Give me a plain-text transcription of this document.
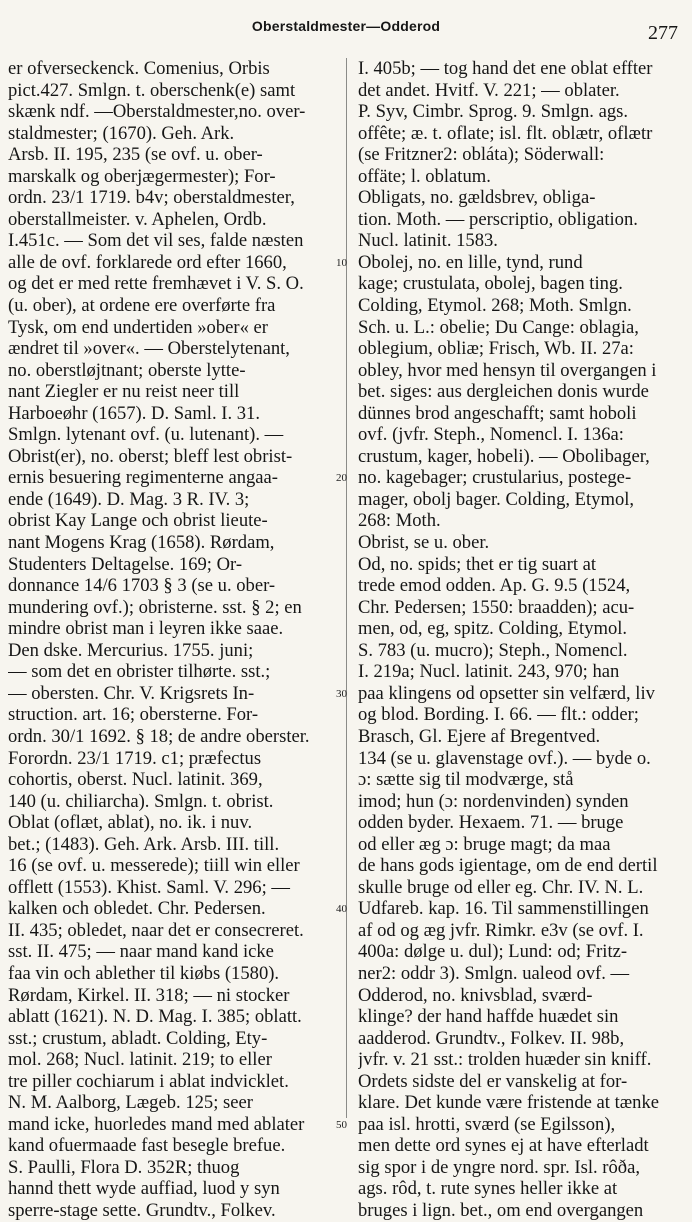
Oberstaldmester—Odderod	277
er ofverseckenck. Comenius, Orbis
pict.427. Smlgn. t. oberschenk(e) samt
skænk ndf. —Oberstaldmester,no. over-
staldmester; (1670). Geh. Ark.
Arsb. II. 195, 235 (se ovf. u. ober-
marskalk og oberjægermester); For-
ordn. 23/1 1719. b4v; oberstaldmester,
oberstallmeister. v. Aphelen, Ordb.
I.451c. — Som det vil ses, falde næsten
alle de ovf. forklarede ord efter 1660,
og det er med rette fremhævet i V. S. O.
(u. ober), at ordene ere overførte fra
Tysk, om end undertiden »ober« er
ændret til »over«. — Oberstelytenant,
no. oberstløjtnant; oberste lytte-
nant Ziegler er nu reist neer till
Harboeøhr (1657). D. Saml. I. 31.
Smlgn. lytenant ovf. (u. lutenant). —
Obrist(er), no. oberst; bleff lest obrist-
ernis besuering regimenterne angaa-
ende (1649). D. Mag. 3 R. IV. 3;
obrist Kay Lange och obrist lieute-
nant Mogens Krag (1658). Rørdam,
Studenters Deltagelse. 169; Or-
donnance 14/6 1703 § 3 (se u. ober-
mundering ovf.); obristerne. sst. § 2; en
mindre obrist man i leyren ikke saae.
Den dske. Mercurius. 1755. juni;
— som det en obrister tilhørte. sst.;
— obersten. Chr. V. Krigsrets In-
struction. art. 16; obersterne. For-
ordn. 30/1 1692. § 18; de andre oberster.
Forordn. 23/1 1719. c1; præfectus
cohortis, oberst. Nucl. latinit. 369,
140 (u. chiliarcha). Smlgn. t. obrist.
Oblat (oflæt, ablat), no. ik. i nuv.
bet.; (1483). Geh. Ark. Arsb. III. till.
16 (se ovf. u. messerede); tiill win eller
offlett (1553). Khist. Saml. V. 296; —
kalken och obledet. Chr. Pedersen.
II. 435; obledet, naar det er consecreret.
sst. II. 475; — naar mand kand icke
faa vin och ablether til kiøbs (1580).
Rørdam, Kirkel. II. 318; — ni stocker
ablatt (1621). N. D. Mag. I. 385; oblatt.
sst.; crustum, abladt. Colding, Ety-
mol. 268; Nucl. latinit. 219; to eller
tre piller cochiarum i ablat indvicklet.
N. M. Aalborg, Lægeb. 125; seer
mand icke, huorledes mand med ablater
kand ofuermaade fast besegle brefue.
S. Paulli, Flora D. 352R; thuog
hannd thett wyde auffiad, luod y syn
sperre-stage sette. Grundtv., Folkev.
I. 405b; — tog hand det ene oblat effter
det andet. Hvitf. V. 221; — oblater.
P. Syv, Cimbr. Sprog. 9. Smlgn. ags.
offête; æ. t. oflate; isl. flt. oblætr, oflætr
(se Fritzner2: obláta); Söderwall:
offäte; l. oblatum.
Obligats, no. gældsbrev, obliga-
tion. Moth. — perscriptio, obligation.
Nucl. latinit. 1583.
Obolej, no. en lille, tynd, rund
kage; crustulata, obolej, bagen ting.
Colding, Etymol. 268; Moth. Smlgn.
Sch. u. L.: obelie; Du Cange: oblagia,
oblegium, obliæ; Frisch, Wb. II. 27a:
obley, hvor med hensyn til overgangen i
bet. siges: aus dergleichen donis wurde
dünnes brod angeschafft; samt hoboli
ovf. (jvfr. Steph., Nomencl. I. 136a:
crustum, kager, hobeli). — Obolibager,
no. kagebager; crustularius, postege-
mager, obolj bager. Colding, Etymol,
268: Moth.
Obrist, se u. ober.
Od, no. spids; thet er tig suart at
trede emod odden. Ap. G. 9.5 (1524,
Chr. Pedersen; 1550: braadden); acu-
men, od, eg, spitz. Colding, Etymol.
S. 783 (u. mucro); Steph., Nomencl.
I. 219a; Nucl. latinit. 243, 970; han
paa klingens od opsetter sin velfærd, liv
og blod. Bording. I. 66. — flt.: odder;
Brasch, Gl. Ejere af Bregentved.
134 (se u. glavenstage ovf.). — byde o.
ɔ: sætte sig til modværge, stå
imod; hun (ɔ: nordenvinden) synden
odden byder. Hexaem. 71. — bruge
od eller æg ɔ: bruge magt; da maa
de hans gods igientage, om de end dertil
skulle bruge od eller eg. Chr. IV. N. L.
Udfareb. kap. 16. Til sammenstillingen
af od og æg jvfr. Rimkr. e3v (se ovf. I.
400a: dølge u. dul); Lund: od; Fritz-
ner2: oddr 3). Smlgn. ualeod ovf. —
Odderod, no. knivsblad, sværd-
klinge? der hand haffde huædet sin
aadderod. Grundtv., Folkev. II. 98b,
jvfr. v. 21 sst.: trolden huæder sin kniff.
Ordets sidste del er vanskelig at for-
klare. Det kunde være fristende at tænke
paa isl. hrotti, sværd (se Egilsson),
men dette ord synes ej at have efterladt
sig spor i de yngre nord. spr. Isl. rôða,
ags. rôd, t. rute synes heller ikke at
bruges i lign. bet., om end overgangen
10
20
30
40
50
